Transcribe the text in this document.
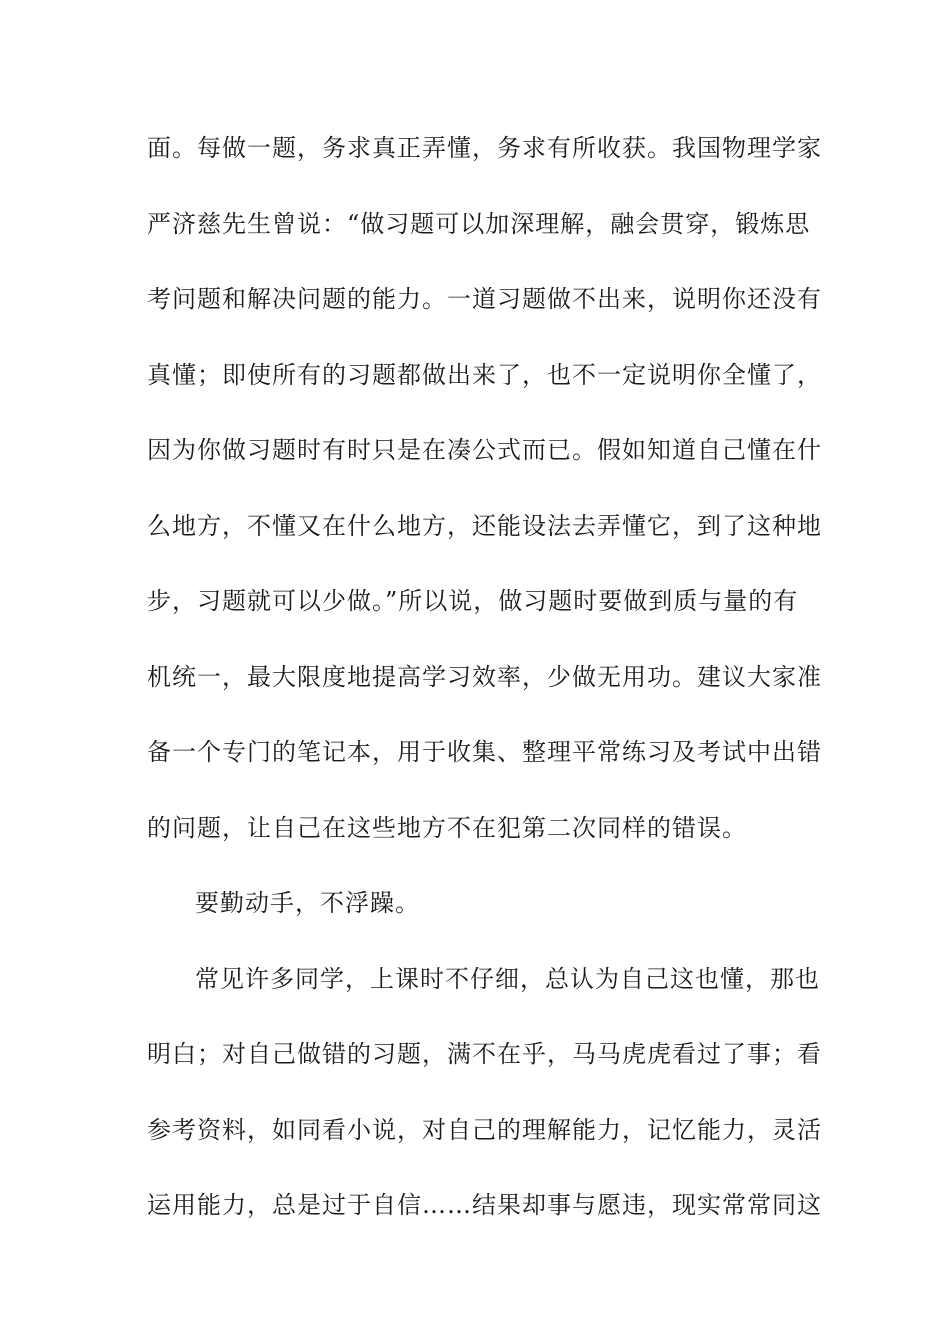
面。每做一题，务求真正弄懂，务求有所收获。我国物理学家
严济慈先生曾说：“做习题可以加深理解，融会贯穿，锻炼思
考问题和解决问题的能力。一道习题做不出来，说明你还没有
真懂；即使所有的习题都做出来了，也不一定说明你全懂了，
因为你做习题时有时只是在凑公式而已。假如知道自己懂在什
么地方，不懂又在什么地方，还能设法去弄懂它，到了这种地
步，习题就可以少做。”所以说，做习题时要做到质与量的有
机统一，最大限度地提高学习效率，少做无用功。建议大家准
备一个专门的笔记本，用于收集、整理平常练习及考试中出错
的问题，让自己在这些地方不在犯第二次同样的错误。
要勤动手，不浮躁。
常见许多同学，上课时不仔细，总认为自己这也懂，那也
明白；对自己做错的习题，满不在乎，马马虎虎看过了事；看
参考资料，如同看小说，对自己的理解能力，记忆能力，灵活
运用能力，总是过于自信……结果却事与愿违，现实常常同这
